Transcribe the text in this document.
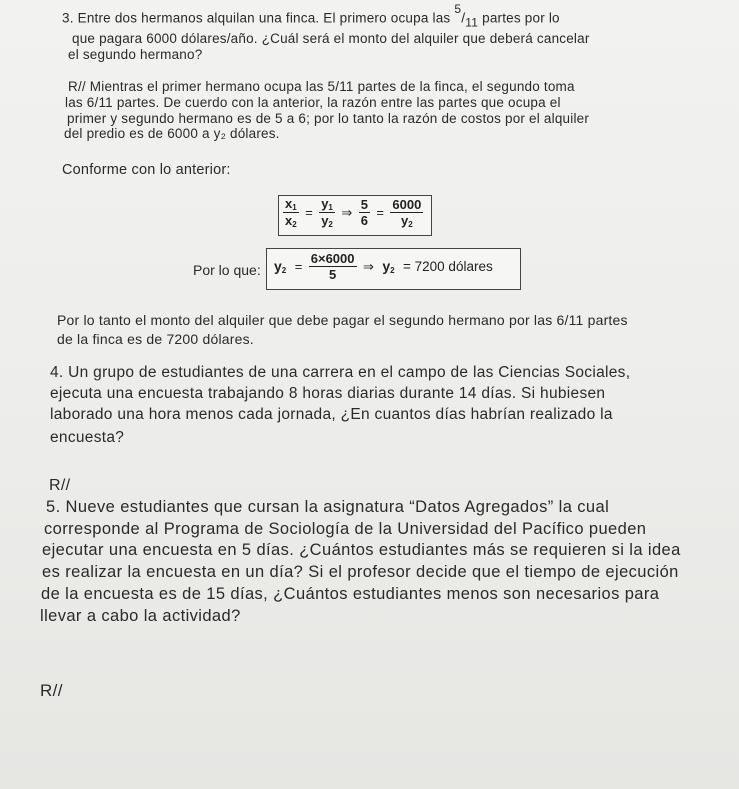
3. Entre dos hermanos alquilan una finca. El primero ocupa las $^5/_{11}$ partes por lo
que pagara 6000 dólares/año. ¿Cuál será el monto del alquiler que deberá cancelar
el segundo hermano?
R// Mientras el primer hermano ocupa las 5/11 partes de la finca, el segundo toma
las 6/11 partes. De cuerdo con la anterior, la razón entre las partes que ocupa el
primer y segundo hermano es de 5 a 6; por lo tanto la razón de costos por el alquiler
del predio es de 6000 a y₂ dólares.
Conforme con lo anterior:
$\frac{x1}{x2} = \frac{y1}{y2}$ ⇒ $\frac{5}{6} = \frac{6000}{y2}$
Por lo que: $y2 = \frac{6\times 6000}{5}$ ⇒ y2 = 7200 dólares
Por lo tanto el monto del alquiler que debe pagar el segundo hermano por las 6/11 partes
de la finca es de 7200 dólares.
4. Un grupo de estudiantes de una carrera en el campo de las Ciencias Sociales,
ejecuta una encuesta trabajando 8 horas diarias durante 14 días. Si hubiesen
laborado una hora menos cada jornada, ¿En cuantos días habrían realizado la
encuesta?
R//
5. Nueve estudiantes que cursan la asignatura “Datos Agregados” la cual
corresponde al Programa de Sociología de la Universidad del Pacífico pueden
ejecutar una encuesta en 5 días. ¿Cuántos estudiantes más se requieren si la idea
es realizar la encuesta en un día? Si el profesor decide que el tiempo de ejecución
de la encuesta es de 15 días, ¿Cuántos estudiantes menos son necesarios para
llevar a cabo la actividad?
R//
